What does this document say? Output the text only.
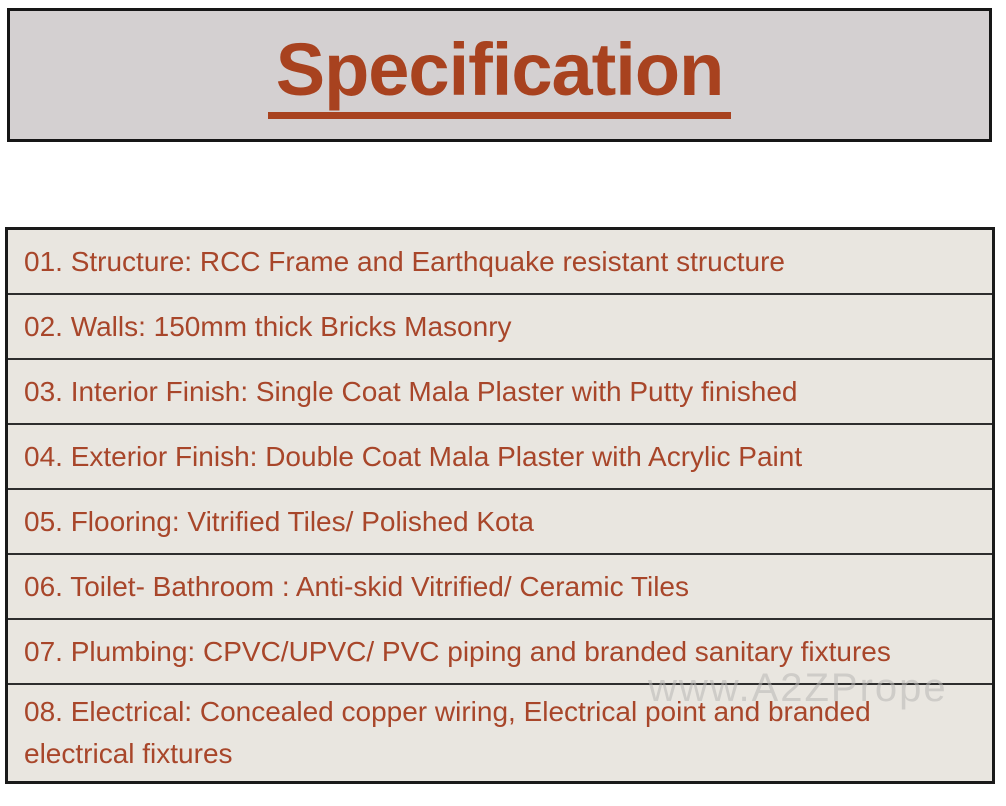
Specification
01. Structure: RCC Frame and Earthquake resistant structure
02. Walls: 150mm thick Bricks Masonry
03. Interior Finish: Single Coat Mala Plaster with Putty finished
04. Exterior Finish: Double Coat Mala Plaster with Acrylic Paint
05. Flooring: Vitrified Tiles/ Polished Kota
06. Toilet- Bathroom : Anti-skid Vitrified/ Ceramic Tiles
07. Plumbing: CPVC/UPVC/ PVC piping and branded sanitary fixtures
08. Electrical: Concealed copper wiring, Electrical point and branded electrical fixtures
www.A2ZPrope
